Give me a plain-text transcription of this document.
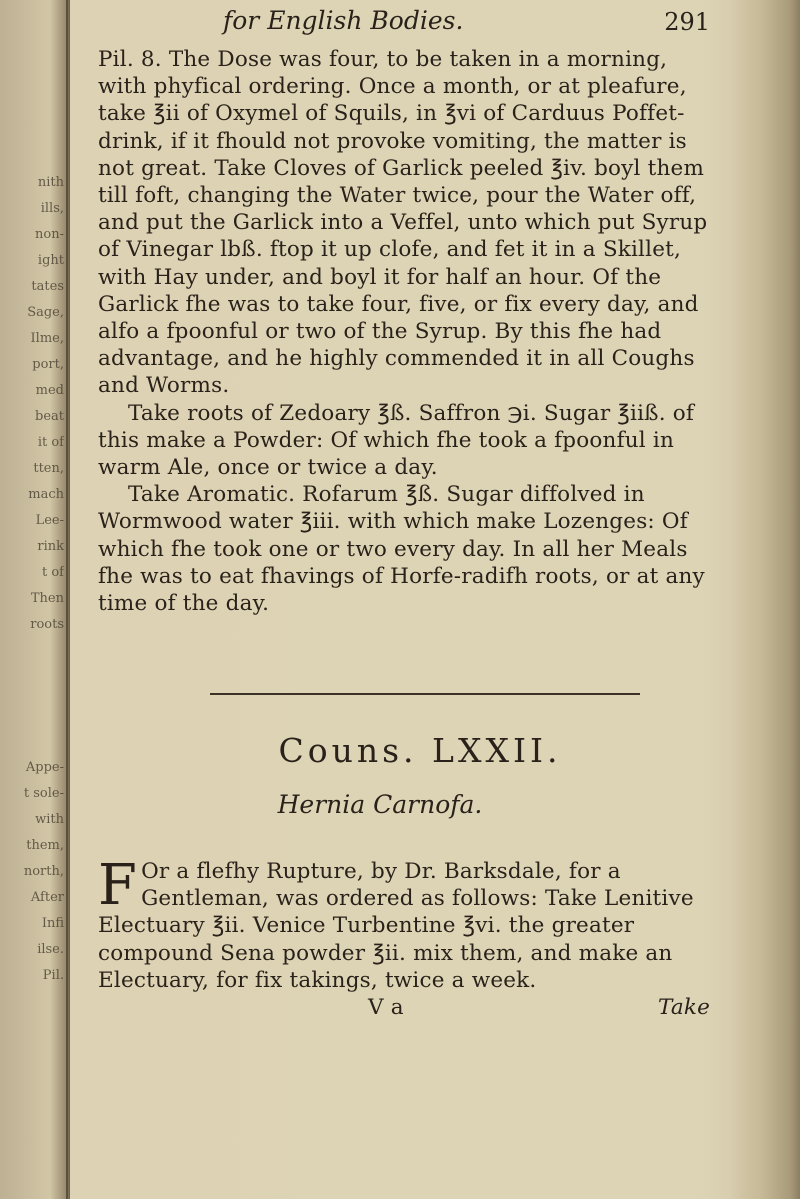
nith
ills,
non-
ight
tates
Sage,
Ilme,
port,
med
beat
it of
tten,
mach
Lee-
rink
t of
Then
roots
Appe-
t sole-
with
them,
north,
After
Infi
ilse.
Pil.
for English Bodies.	291

Pil. 8. The Dose was four, to be taken in a morning, with phyfical ordering. Once a month, or at pleafure, take ℥ii of Oxymel of Squils, in ℥vi of Carduus Poffet-drink, if it fhould not provoke vomiting, the matter is not great. Take Cloves of Garlick peeled ℥iv. boyl them till foft, changing the Water twice, pour the Water off, and put the Garlick into a Veffel, unto which put Syrup of Vinegar lbß. ftop it up clofe, and fet it in a Skillet, with Hay under, and boyl it for half an hour. Of the Garlick fhe was to take four, five, or fix every day, and alfo a fpoonful or two of the Syrup. By this fhe had advantage, and he highly commended it in all Coughs and Worms.

Take roots of Zedoary ℥ß. Saffron ℈i. Sugar ℥iiß. of this make a Powder: Of which fhe took a fpoonful in warm Ale, once or twice a day.

Take Aromatic. Rofarum ℥ß. Sugar diffolved in Wormwood water ℥iii. with which make Lozenges: Of which fhe took one or two every day. In all her Meals fhe was to eat fhavings of Horfe-radifh roots, or at any time of the day.

Couns. LXXII.
Hernia Carnofa.
F Or a flefhy Rupture, by Dr. Barksdale, for a Gentleman, was ordered as follows: Take Lenitive Electuary ℥ii. Venice Turbentine ℥vi. the greater compound Sena powder ℥ii. mix them, and make an Electuary, for fix takings, twice a week.

V a	Take
